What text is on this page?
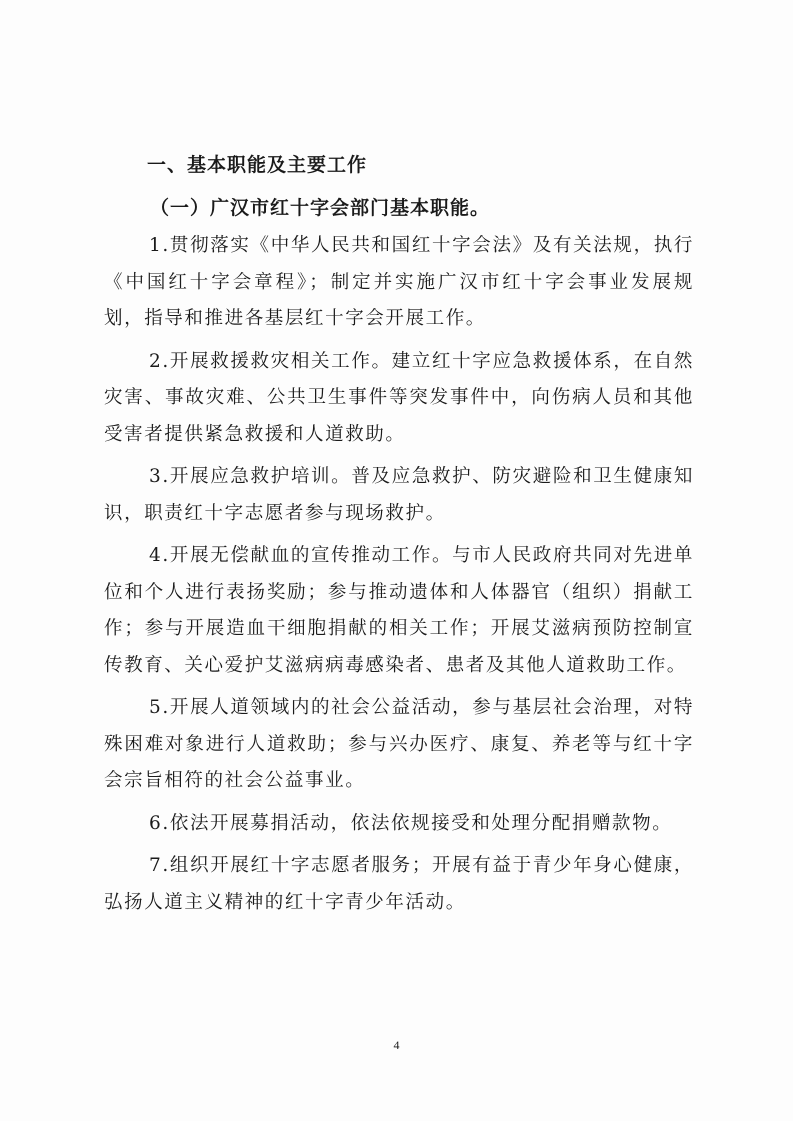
一、基本职能及主要工作
（一）广汉市红十字会部门基本职能。

1.贯彻落实《中华人民共和国红十字会法》及有关法规，执行《中国红十字会章程》；制定并实施广汉市红十字会事业发展规划，指导和推进各基层红十字会开展工作。

2.开展救援救灾相关工作。建立红十字应急救援体系，在自然灾害、事故灾难、公共卫生事件等突发事件中，向伤病人员和其他受害者提供紧急救援和人道救助。

3.开展应急救护培训。普及应急救护、防灾避险和卫生健康知识，职责红十字志愿者参与现场救护。

4.开展无偿献血的宣传推动工作。与市人民政府共同对先进单位和个人进行表扬奖励；参与推动遗体和人体器官（组织）捐献工作；参与开展造血干细胞捐献的相关工作；开展艾滋病预防控制宣传教育、关心爱护艾滋病病毒感染者、患者及其他人道救助工作。

5.开展人道领域内的社会公益活动，参与基层社会治理，对特殊困难对象进行人道救助；参与兴办医疗、康复、养老等与红十字会宗旨相符的社会公益事业。

6.依法开展募捐活动，依法依规接受和处理分配捐赠款物。

7.组织开展红十字志愿者服务；开展有益于青少年身心健康，弘扬人道主义精神的红十字青少年活动。

4
